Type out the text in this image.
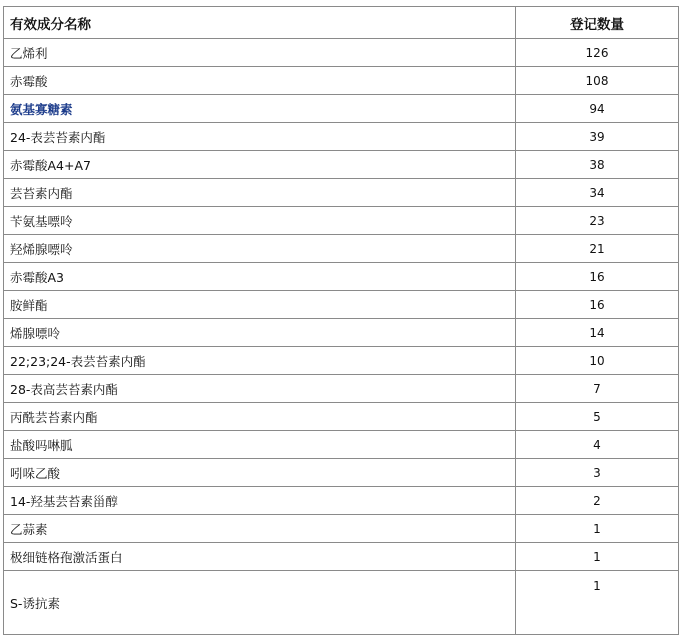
有效成分名称	登记数量
乙烯利	126
赤霉酸	108
氨基寡糖素	94
24-表芸苔素内酯	39
赤霉酸A4+A7	38
芸苔素内酯	34
苄氨基嘌呤	23
羟烯腺嘌呤	21
赤霉酸A3	16
胺鲜酯	16
烯腺嘌呤	14
22;23;24-表芸苔素内酯	10
28-表高芸苔素内酯	7
丙酰芸苔素内酯	5
盐酸吗啉胍	4
吲哚乙酸	3
14-羟基芸苔素甾醇	2
乙蒜素	1
极细链格孢激活蛋白	1
S-诱抗素	1
